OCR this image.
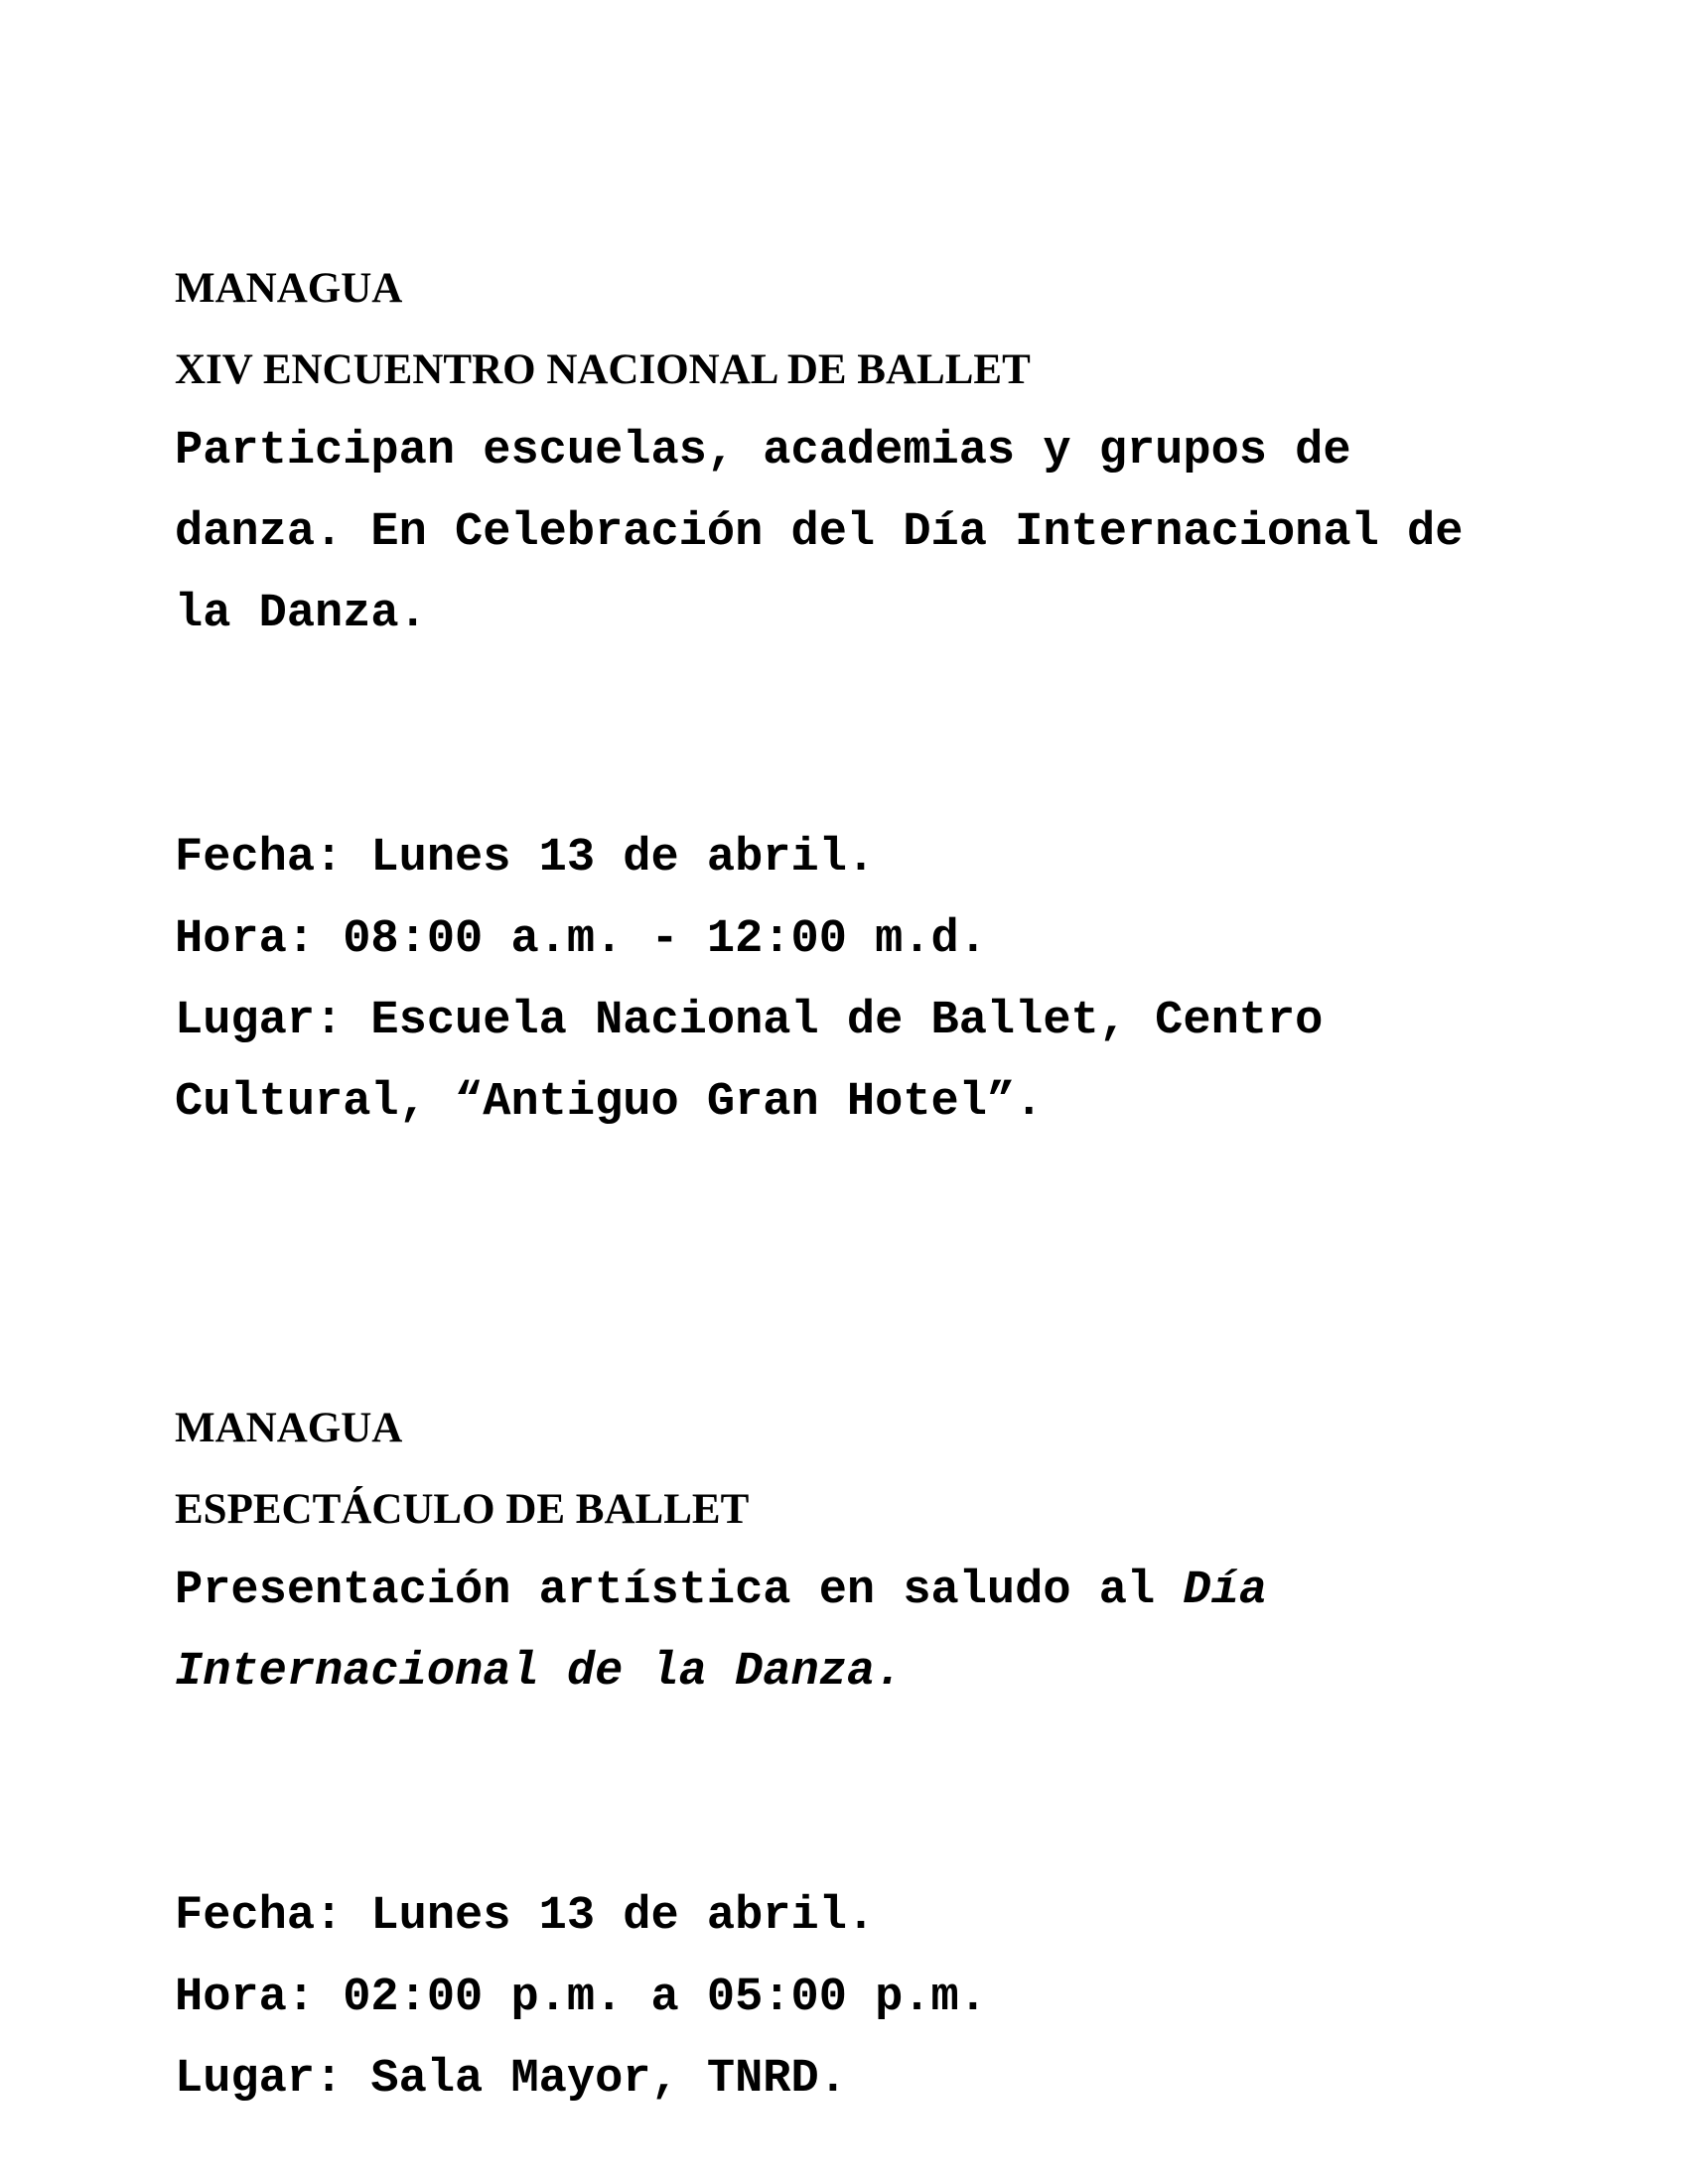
MANAGUA
XIV ENCUENTRO NACIONAL DE BALLET
Participan escuelas, academias y grupos de
danza. En Celebración del Día Internacional de
la Danza.
Fecha: Lunes 13 de abril.
Hora: 08:00 a.m. - 12:00 m.d.
Lugar: Escuela Nacional de Ballet, Centro
Cultural, “Antiguo Gran Hotel”.
MANAGUA
ESPECTÁCULO DE BALLET
Presentación artística en saludo al Día
Internacional de la Danza.
Fecha: Lunes 13 de abril.
Hora: 02:00 p.m. a 05:00 p.m.
Lugar: Sala Mayor, TNRD.
